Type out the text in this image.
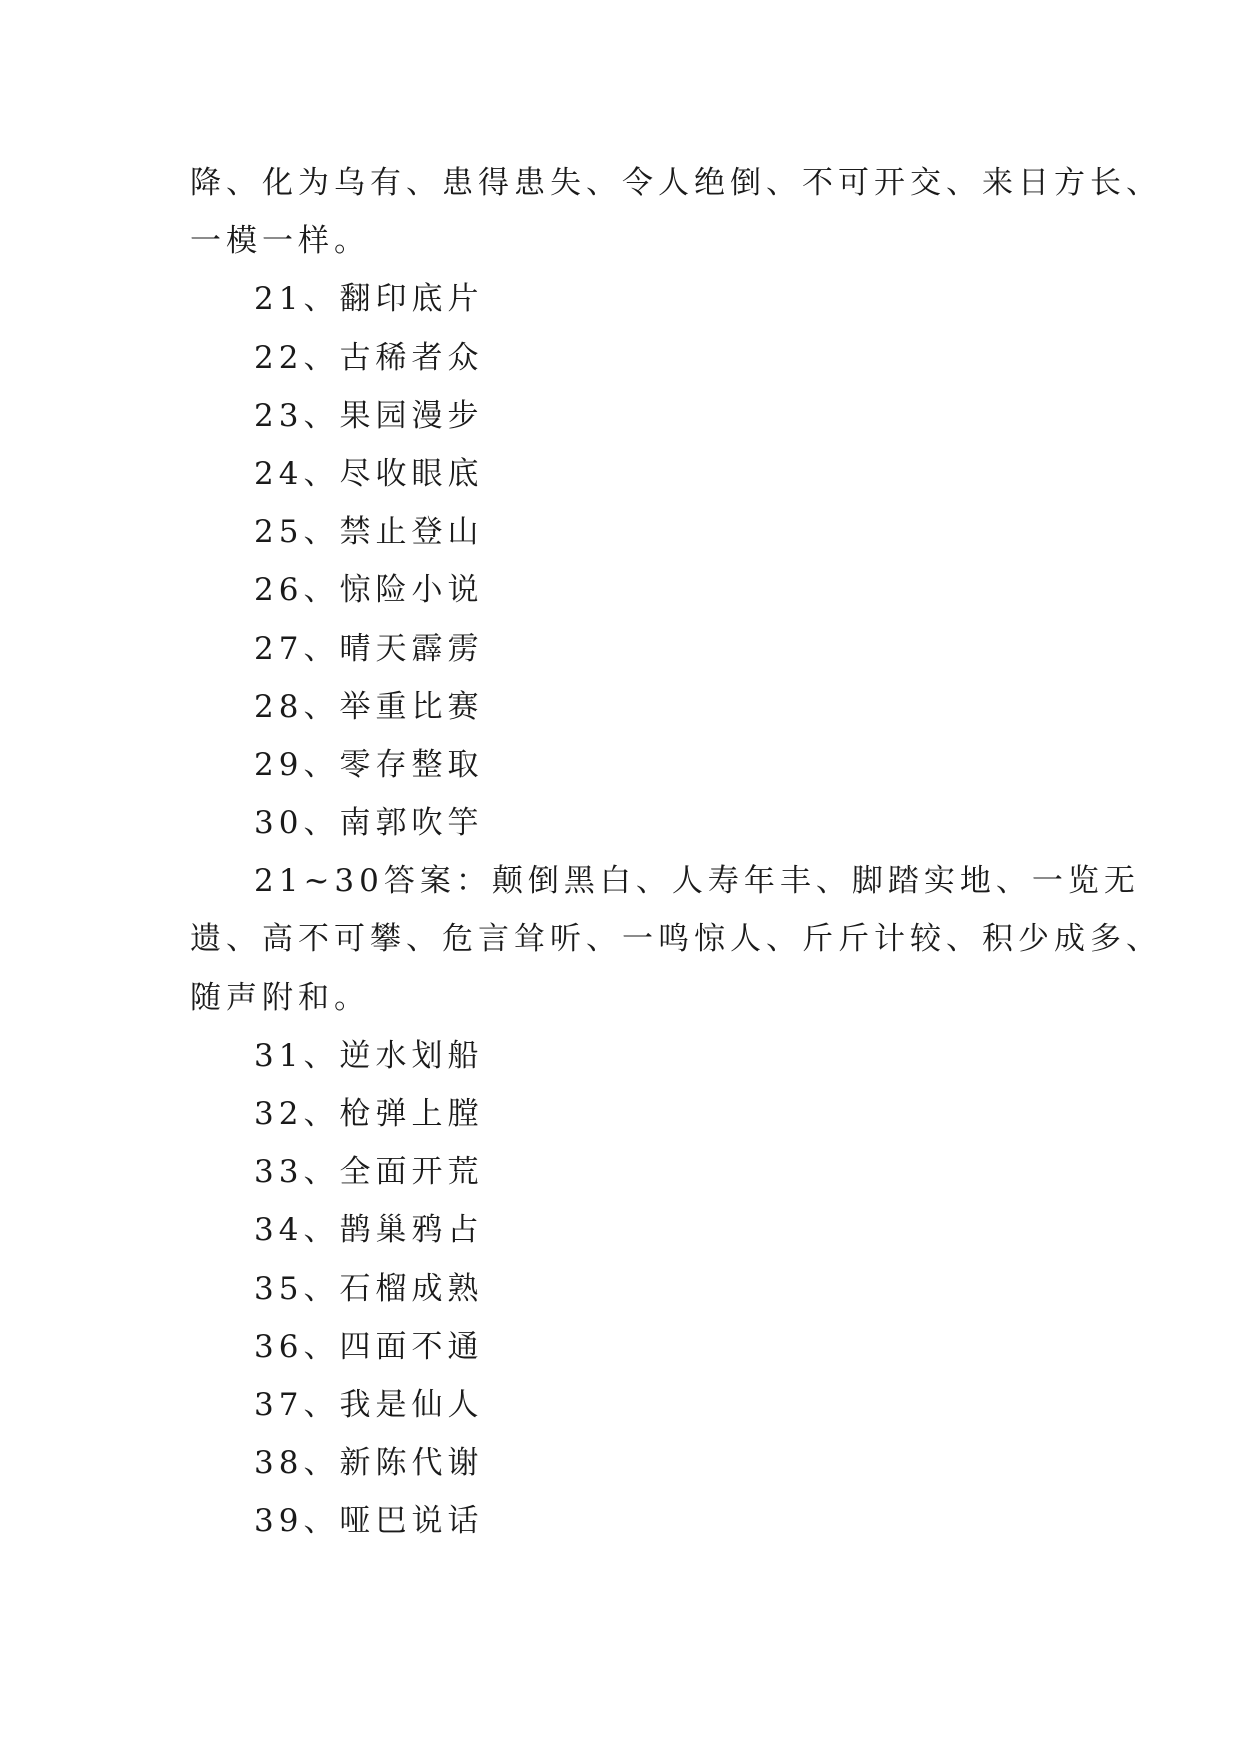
降、化为乌有、患得患失、令人绝倒、不可开交、来日方长、
一模一样。
21、翻印底片
22、古稀者众
23、果园漫步
24、尽收眼底
25、禁止登山
26、惊险小说
27、晴天霹雳
28、举重比赛
29、零存整取
30、南郭吹竽
21~30答案：颠倒黑白、人寿年丰、脚踏实地、一览无
遗、高不可攀、危言耸听、一鸣惊人、斤斤计较、积少成多、
随声附和。
31、逆水划船
32、枪弹上膛
33、全面开荒
34、鹊巢鸦占
35、石榴成熟
36、四面不通
37、我是仙人
38、新陈代谢
39、哑巴说话
